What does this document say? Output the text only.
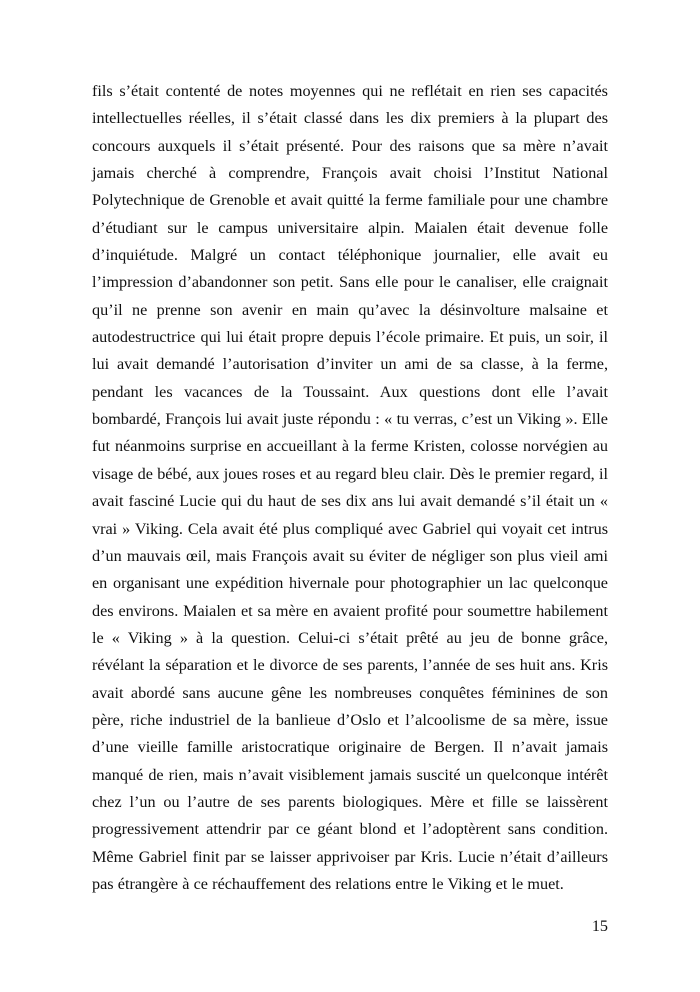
fils s’était contenté de notes moyennes qui ne reflétait en rien ses capacités intellectuelles réelles, il s’était classé dans les dix premiers à la plupart des concours auxquels il s’était présenté. Pour des raisons que sa mère n’avait jamais cherché à comprendre, François avait choisi l’Institut National Polytechnique de Grenoble et avait quitté la ferme familiale pour une chambre d’étudiant sur le campus universitaire alpin. Maialen était devenue folle d’inquiétude. Malgré un contact téléphonique journalier, elle avait eu l’impression d’abandonner son petit. Sans elle pour le canaliser, elle craignait qu’il ne prenne son avenir en main qu’avec la désinvolture malsaine et autodestructrice qui lui était propre depuis l’école primaire. Et puis, un soir, il lui avait demandé l’autorisation d’inviter un ami de sa classe, à la ferme, pendant les vacances de la Toussaint. Aux questions dont elle l’avait bombardé, François lui avait juste répondu : « tu verras, c’est un Viking ». Elle fut néanmoins surprise en accueillant à la ferme Kristen, colosse norvégien au visage de bébé, aux joues roses et au regard bleu clair. Dès le premier regard, il avait fasciné Lucie qui du haut de ses dix ans lui avait demandé s’il était un « vrai » Viking. Cela avait été plus compliqué avec Gabriel qui voyait cet intrus d’un mauvais œil, mais François avait su éviter de négliger son plus vieil ami en organisant une expédition hivernale pour photographier un lac quelconque des environs. Maialen et sa mère en avaient profité pour soumettre habilement le « Viking » à la question. Celui-ci s’était prêté au jeu de bonne grâce, révélant la séparation et le divorce de ses parents, l’année de ses huit ans. Kris avait abordé sans aucune gêne les nombreuses conquêtes féminines de son père, riche industriel de la banlieue d’Oslo et l’alcoolisme de sa mère, issue d’une vieille famille aristocratique originaire de Bergen. Il n’avait jamais manqué de rien, mais n’avait visiblement jamais suscité un quelconque intérêt chez l’un ou l’autre de ses parents biologiques. Mère et fille se laissèrent progressivement attendrir par ce géant blond et l’adoptèrent sans condition. Même Gabriel finit par se laisser apprivoiser par Kris. Lucie n’était d’ailleurs pas étrangère à ce réchauffement des relations entre le Viking et le muet.

15
